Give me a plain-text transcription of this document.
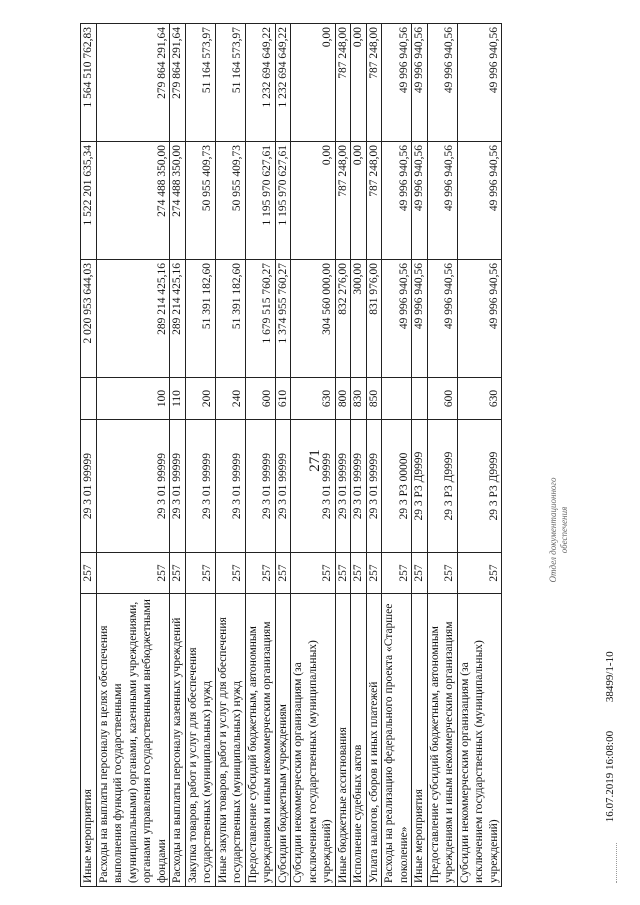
271
Иные мероприятия	257	29 3 01 99999		2 020 953 644,03	1 522 201 635,34	1 564 510 762,83
Расходы на выплаты персоналу в целях обеспечения выполнения функций государственными (муниципальными) органами, казенными учреждениями, органами управления государственными внебюджетными фондами	257	29 3 01 99999	100	289 214 425,16	274 488 350,00	279 864 291,64
Расходы на выплаты персоналу казенных учреждений	257	29 3 01 99999	110	289 214 425,16	274 488 350,00	279 864 291,64
Закупка товаров, работ и услуг для обеспечения государственных (муниципальных) нужд	257	29 3 01 99999	200	51 391 182,60	50 955 409,73	51 164 573,97
Иные закупки товаров, работ и услуг для обеспечения государственных (муниципальных) нужд	257	29 3 01 99999	240	51 391 182,60	50 955 409,73	51 164 573,97
Предоставление субсидий бюджетным, автономным учреждениям и иным некоммерческим организациям	257	29 3 01 99999	600	1 679 515 760,27	1 195 970 627,61	1 232 694 649,22
Субсидии бюджетным учреждениям	257	29 3 01 99999	610	1 374 955 760,27	1 195 970 627,61	1 232 694 649,22
Субсидии некоммерческим организациям (за исключением государственных (муниципальных) учреждений)	257	29 3 01 99999	630	304 560 000,00	0,00	0,00
Иные бюджетные ассигнования	257	29 3 01 99999	800	832 276,00	787 248,00	787 248,00
Исполнение судебных актов	257	29 3 01 99999	830	300,00	0,00	0,00
Уплата налогов, сборов и иных платежей	257	29 3 01 99999	850	831 976,00	787 248,00	787 248,00
Расходы на реализацию федерального проекта «Старшее поколение»	257	29 3 P3 00000		49 996 940,56	49 996 940,56	49 996 940,56
Иные мероприятия	257	29 3 P3 Д9999		49 996 940,56	49 996 940,56	49 996 940,56
Предоставление субсидий бюджетным, автономным учреждениям и иным некоммерческим организациям	257	29 3 P3 Д9999	600	49 996 940,56	49 996 940,56	49 996 940,56
Субсидии некоммерческим организациям (за исключением государственных (муниципальных) учреждений)	257	29 3 P3 Д9999	630	49 996 940,56	49 996 940,56	49 996 940,56
Отдел документационного обеспечения
16.07.2019 16:08:00 38499/1-10
